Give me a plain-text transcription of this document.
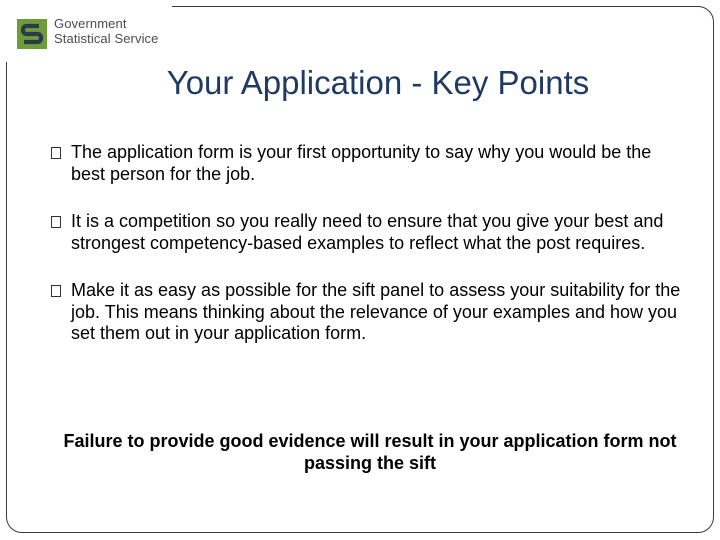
Government
Statistical Service
Your Application - Key Points
The application form is your first opportunity to say why you would be the best person for the job.
It is a competition so you really need to ensure that you give your best and strongest competency-based examples to reflect what the post requires.
Make it as easy as possible for the sift panel to assess your suitability for the job. This means thinking about the relevance of your examples and how you set them out in your application form.

Failure to provide good evidence will result in your application form not passing the sift
